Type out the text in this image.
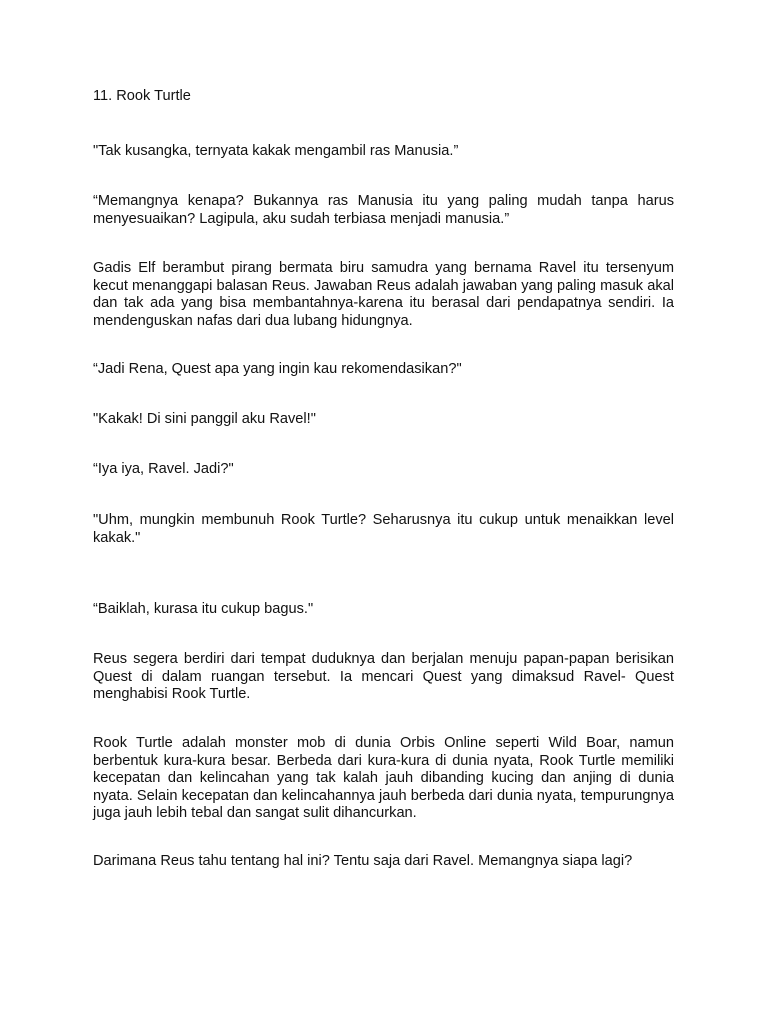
11. Rook Turtle

"Tak kusangka, ternyata kakak mengambil ras Manusia.”

“Memangnya kenapa? Bukannya ras Manusia itu yang paling mudah tanpa harus menyesuaikan? Lagipula, aku sudah terbiasa menjadi manusia.”

Gadis Elf berambut pirang bermata biru samudra yang bernama Ravel itu tersenyum kecut menanggapi balasan Reus. Jawaban Reus adalah jawaban yang paling masuk akal dan tak ada yang bisa membantahnya-karena itu berasal dari pendapatnya sendiri. Ia mendenguskan nafas dari dua lubang hidungnya.

“Jadi Rena, Quest apa yang ingin kau rekomendasikan?"

"Kakak! Di sini panggil aku Ravel!"

“Iya iya, Ravel. Jadi?"

"Uhm, mungkin membunuh Rook Turtle? Seharusnya itu cukup untuk menaikkan level kakak."

“Baiklah, kurasa itu cukup bagus."

Reus segera berdiri dari tempat duduknya dan berjalan menuju papan-papan berisikan Quest di dalam ruangan tersebut. Ia mencari Quest yang dimaksud Ravel- Quest menghabisi Rook Turtle.

Rook Turtle adalah monster mob di dunia Orbis Online seperti Wild Boar, namun berbentuk kura-kura besar. Berbeda dari kura-kura di dunia nyata, Rook Turtle memiliki kecepatan dan kelincahan yang tak kalah jauh dibanding kucing dan anjing di dunia nyata. Selain kecepatan dan kelincahannya jauh berbeda dari dunia nyata, tempurungnya juga jauh lebih tebal dan sangat sulit dihancurkan.

Darimana Reus tahu tentang hal ini? Tentu saja dari Ravel. Memangnya siapa lagi?
